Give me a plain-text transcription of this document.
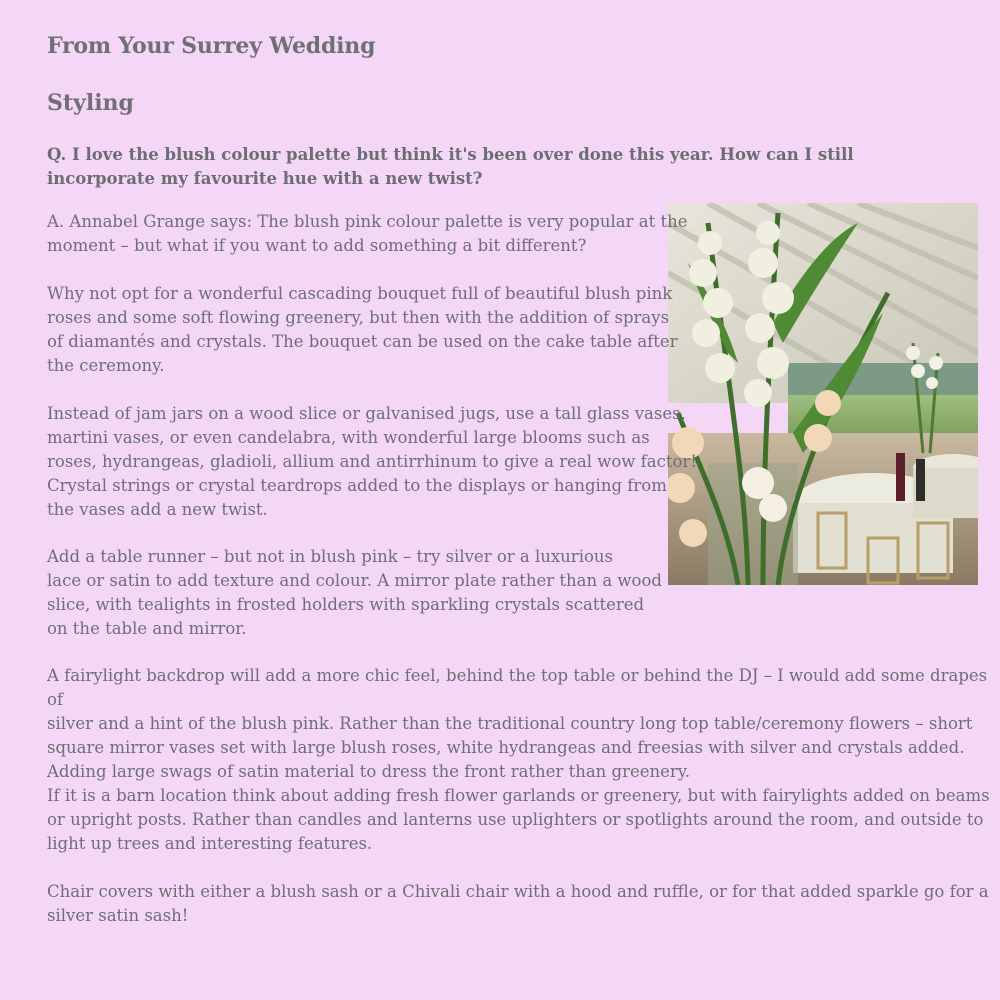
From Your Surrey Wedding
Styling

Q. I love the blush colour palette but think it's been over done this year. How can I still incorporate my favourite hue with a new twist?

A. Annabel Grange says: The blush pink colour palette is very popular at the
moment – but what if you want to add something a bit different?

Why not opt for a wonderful cascading bouquet full of beautiful blush pink
roses and some soft flowing greenery, but then with the addition of sprays
of diamantés and crystals. The bouquet can be used on the cake table after
the ceremony.

Instead of jam jars on a wood slice or galvanised jugs, use a tall glass vases,
martini vases, or even candelabra, with wonderful large blooms such as
roses, hydrangeas, gladioli, allium and antirrhinum to give a real wow factor!
Crystal strings or crystal teardrops added to the displays or hanging from
the vases add a new twist.

Add a table runner – but not in blush pink – try silver or a luxurious
lace or satin to add texture and colour. A mirror plate rather than a wood
slice, with tealights in frosted holders with sparkling crystals scattered
on the table and mirror.

A fairylight backdrop will add a more chic feel, behind the top table or behind the DJ – I would add some drapes of
silver and a hint of the blush pink. Rather than the traditional country long top table/ceremony flowers – short
square mirror vases set with large blush roses, white hydrangeas and freesias with silver and crystals added.
Adding large swags of satin material to dress the front rather than greenery.

If it is a barn location think about adding fresh flower garlands or greenery, but with fairylights added on beams
or upright posts. Rather than candles and lanterns use uplighters or spotlights around the room, and outside to
light up trees and interesting features.

Chair covers with either a blush sash or a Chivali chair with a hood and ruffle, or for that added sparkle go for a
silver satin sash!
